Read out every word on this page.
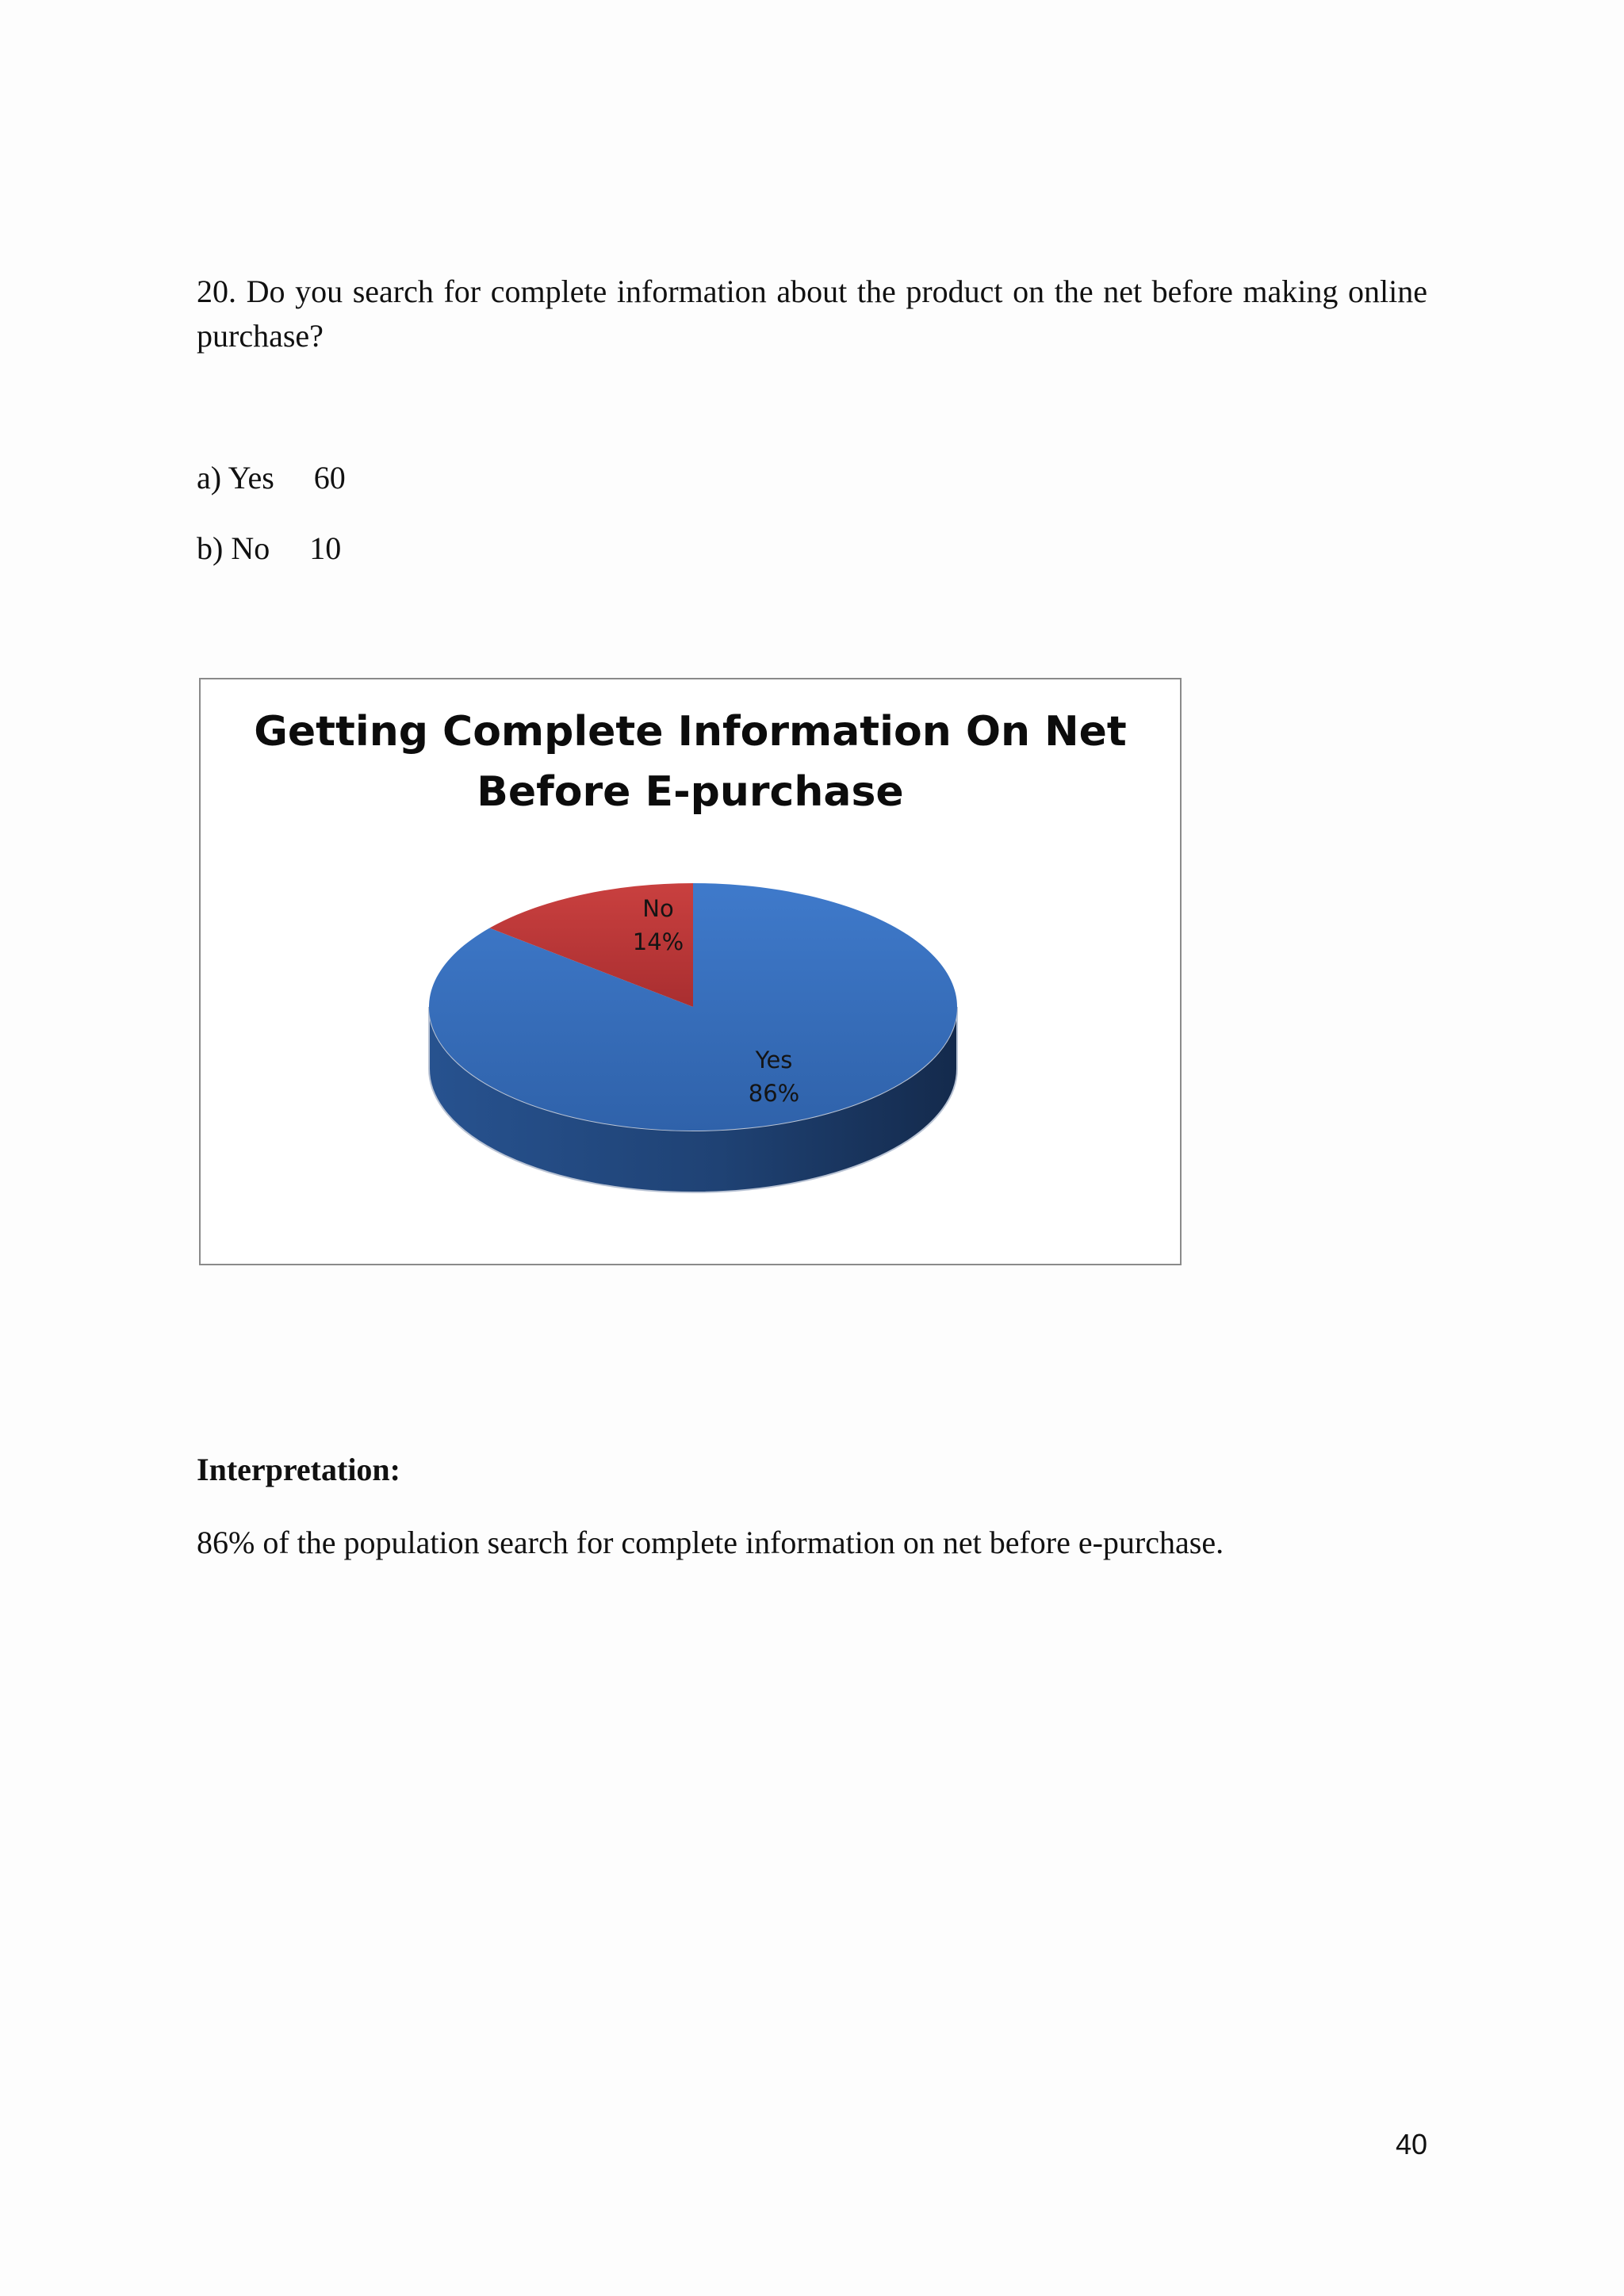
20. Do you search for complete information about the product on the net before making online purchase?

a) Yes 60

b) No 10

Getting Complete Information On Net
Before E-purchase
Yes
86%
No
14%

Interpretation:

86% of the population search for complete information on net before e-purchase.

40
